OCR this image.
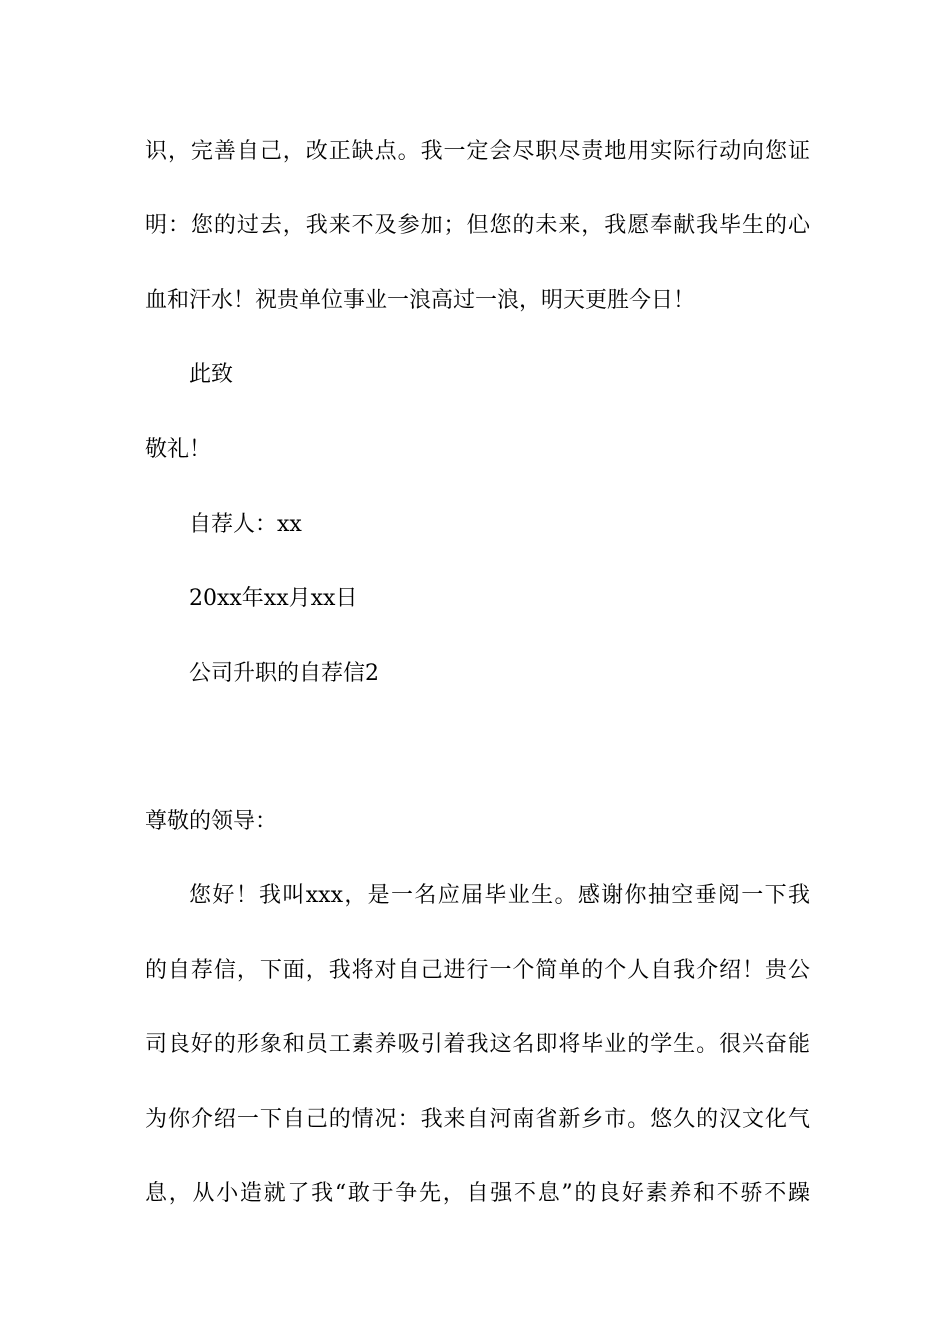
识，完善自己，改正缺点。我一定会尽职尽责地用实际行动向您证
明：您的过去，我来不及参加；但您的未来，我愿奉献我毕生的心
血和汗水！祝贵单位事业一浪高过一浪，明天更胜今日！
此致
敬礼！
自荐人：xx
20xx年xx月xx日
公司升职的自荐信2
尊敬的领导：
您好！我叫xxx，是一名应届毕业生。感谢你抽空垂阅一下我
的自荐信，下面，我将对自己进行一个简单的个人自我介绍！贵公
司良好的形象和员工素养吸引着我这名即将毕业的学生。很兴奋能
为你介绍一下自己的情况：我来自河南省新乡市。悠久的汉文化气
息，从小造就了我“敢于争先，自强不息”的良好素养和不骄不躁
